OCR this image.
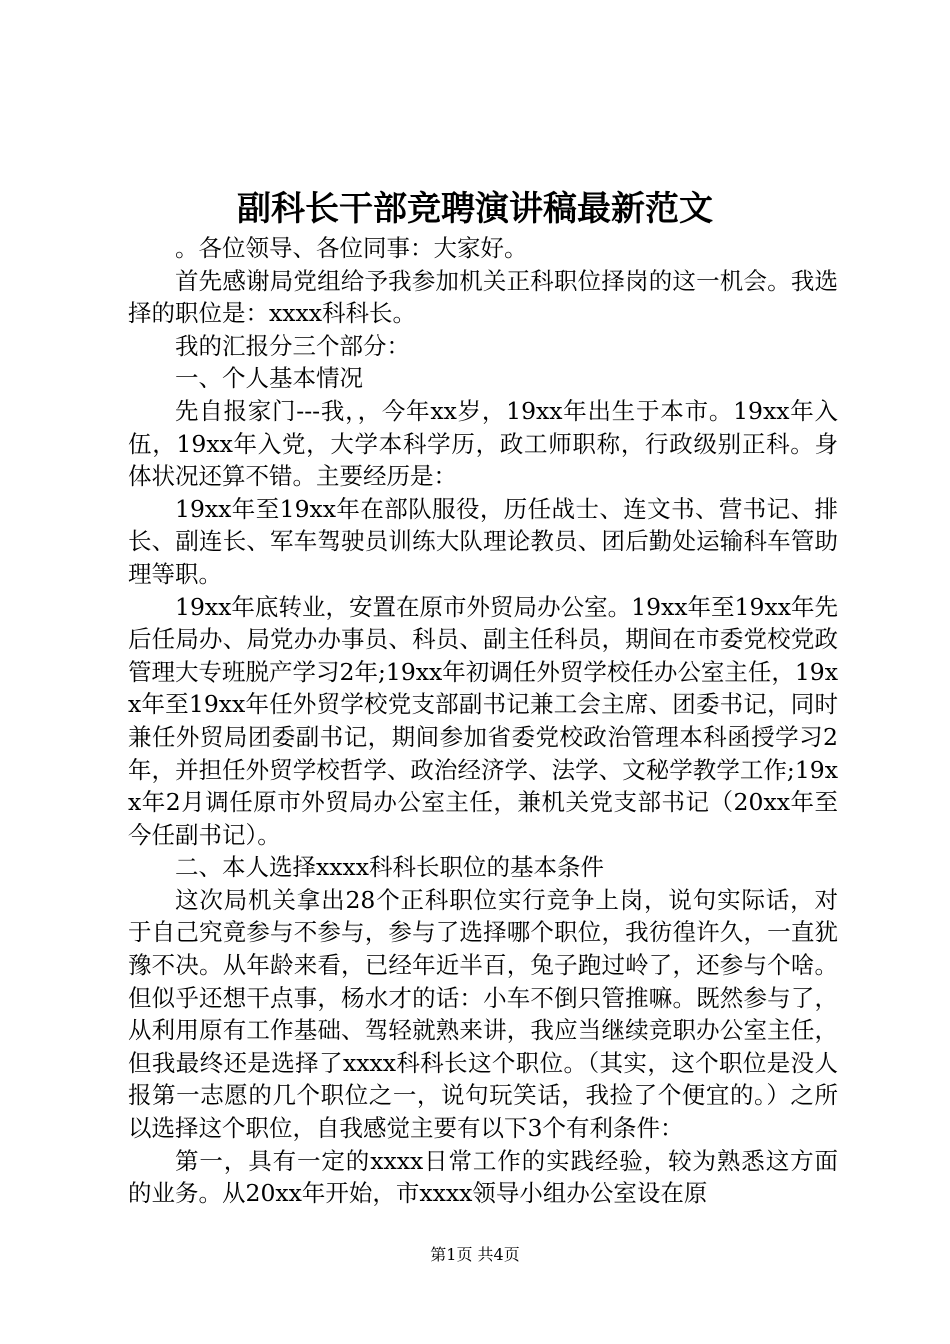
副科长干部竞聘演讲稿最新范文

。各位领导、各位同事：大家好。

首先感谢局党组给予我参加机关正科职位择岗的这一机会。我选择的职位是：xxxx科科长。

我的汇报分三个部分：

一、个人基本情况

先自报家门---我，，今年xx岁，19xx年出生于本市。19xx年入伍，19xx年入党，大学本科学历，政工师职称，行政级别正科。身体状况还算不错。主要经历是：

19xx年至19xx年在部队服役，历任战士、连文书、营书记、排长、副连长、军车驾驶员训练大队理论教员、团后勤处运输科车管助理等职。

19xx年底转业，安置在原市外贸局办公室。19xx年至19xx年先后任局办、局党办办事员、科员、副主任科员，期间在市委党校党政管理大专班脱产学习2年;19xx年初调任外贸学校任办公室主任，19xx年至19xx年任外贸学校党支部副书记兼工会主席、团委书记，同时兼任外贸局团委副书记，期间参加省委党校政治管理本科函授学习2年，并担任外贸学校哲学、政治经济学、法学、文秘学教学工作;19xx年2月调任原市外贸局办公室主任，兼机关党支部书记（20xx年至今任副书记）。

二、本人选择xxxx科科长职位的基本条件

这次局机关拿出28个正科职位实行竞争上岗，说句实际话，对于自己究竟参与不参与，参与了选择哪个职位，我彷徨许久，一直犹豫不决。从年龄来看，已经年近半百，兔子跑过岭了，还参与个啥。但似乎还想干点事，杨水才的话：小车不倒只管推嘛。既然参与了，从利用原有工作基础、驾轻就熟来讲，我应当继续竞职办公室主任，但我最终还是选择了xxxx科科长这个职位。（其实，这个职位是没人报第一志愿的几个职位之一，说句玩笑话，我捡了个便宜的。）之所以选择这个职位，自我感觉主要有以下3个有利条件：

第一，具有一定的xxxx日常工作的实践经验，较为熟悉这方面的业务。从20xx年开始，市xxxx领导小组办公室设在原

第1页 共4页
